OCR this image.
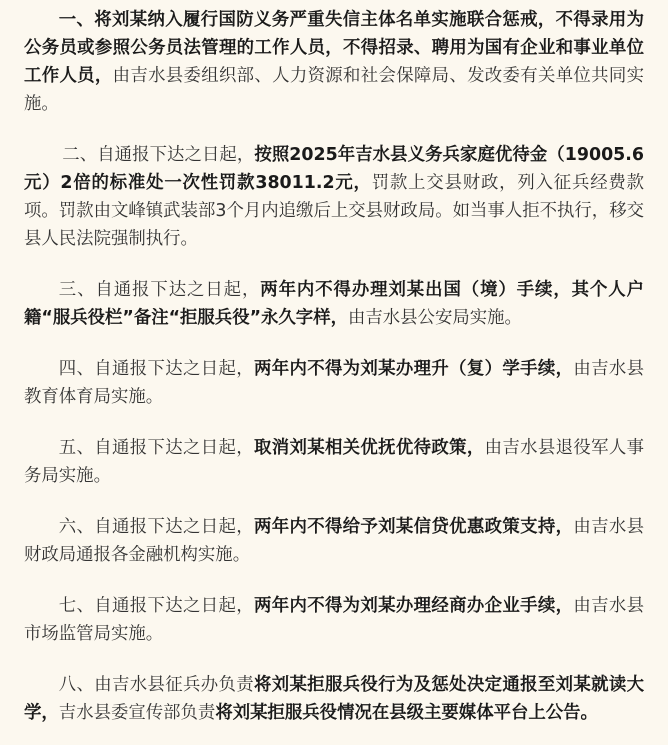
一、将刘某纳入履行国防义务严重失信主体名单实施联合惩戒，不得录用为公务员或参照公务员法管理的工作人员，不得招录、聘用为国有企业和事业单位工作人员，由吉水县委组织部、人力资源和社会保障局、发改委有关单位共同实施。

二、自通报下达之日起，按照2025年吉水县义务兵家庭优待金（19005.6元）2倍的标准处一次性罚款38011.2元，罚款上交县财政，列入征兵经费款项。罚款由文峰镇武装部3个月内追缴后上交县财政局。如当事人拒不执行，移交县人民法院强制执行。

三、自通报下达之日起，两年内不得办理刘某出国（境）手续，其个人户籍“服兵役栏”备注“拒服兵役”永久字样，由吉水县公安局实施。

四、自通报下达之日起，两年内不得为刘某办理升（复）学手续，由吉水县教育体育局实施。

五、自通报下达之日起，取消刘某相关优抚优待政策，由吉水县退役军人事务局实施。

六、自通报下达之日起，两年内不得给予刘某信贷优惠政策支持，由吉水县财政局通报各金融机构实施。

七、自通报下达之日起，两年内不得为刘某办理经商办企业手续，由吉水县市场监管局实施。

八、由吉水县征兵办负责将刘某拒服兵役行为及惩处决定通报至刘某就读大学，吉水县委宣传部负责将刘某拒服兵役情况在县级主要媒体平台上公告。
